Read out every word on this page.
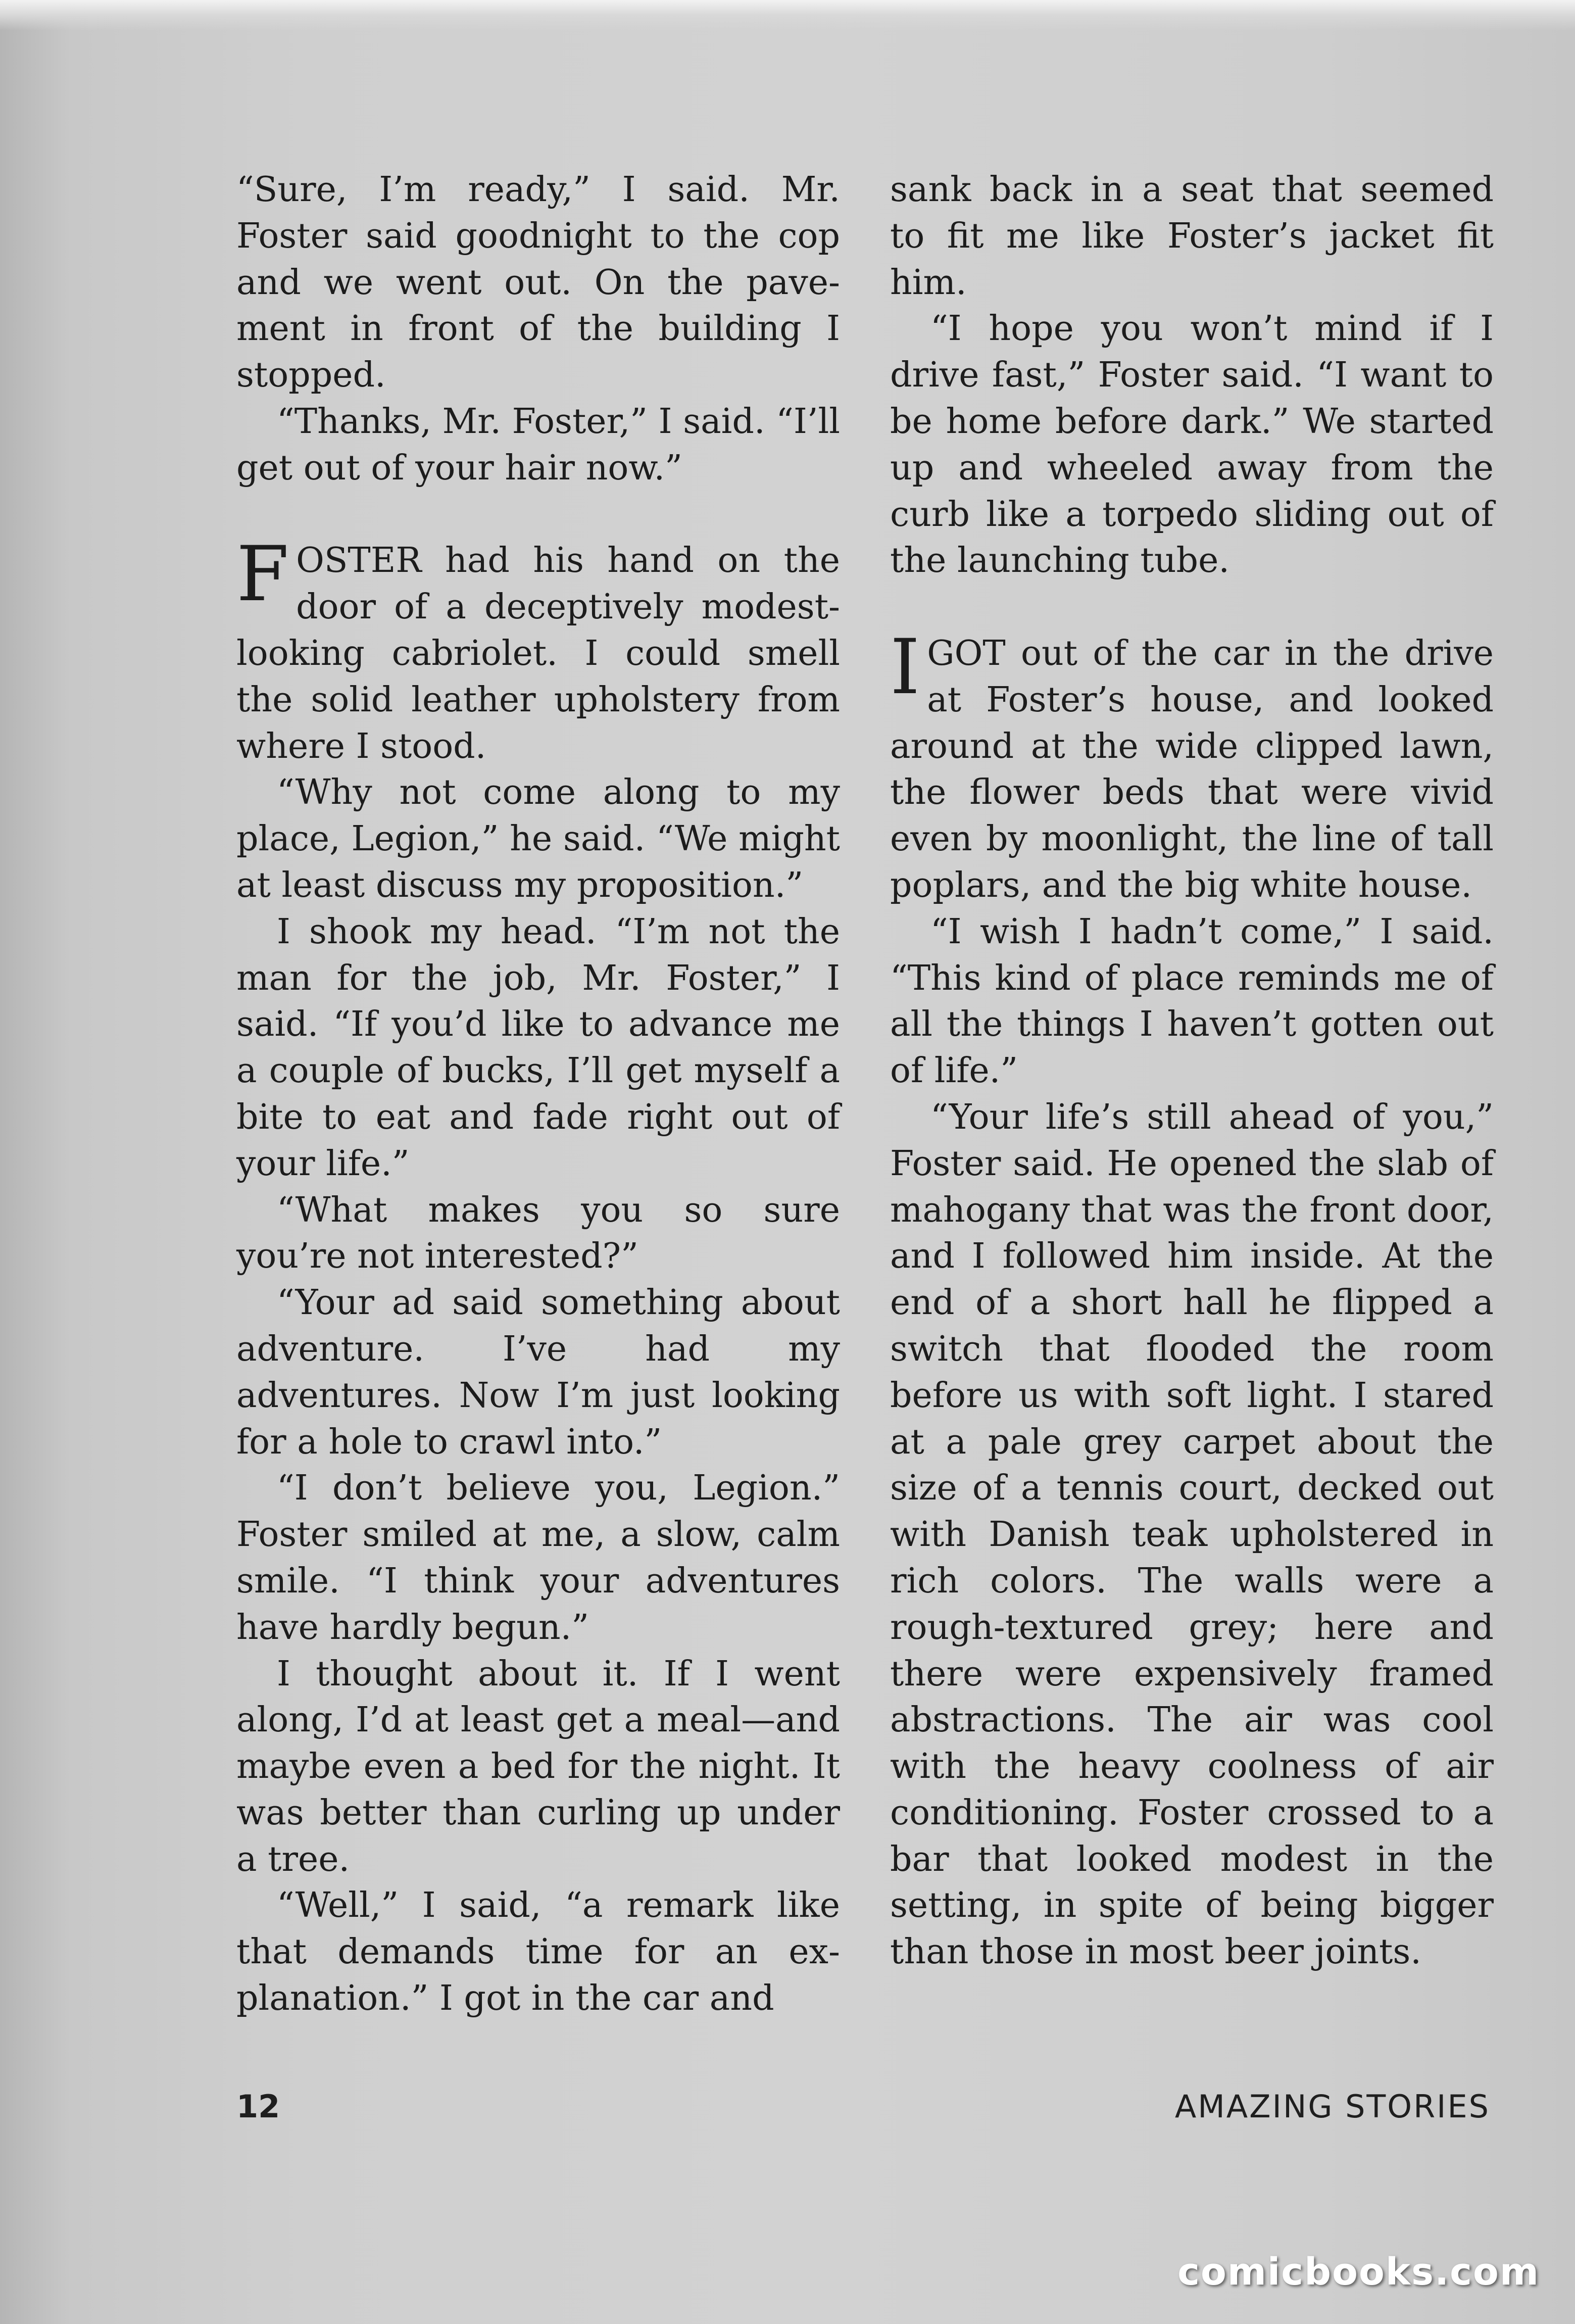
“Sure, I’m ready,” I said. Mr. Foster said goodnight to the cop and we went out. On the pavement in front of the building I stopped.

“Thanks, Mr. Foster,” I said. “I’ll get out of your hair now.”

FOSTER had his hand on the door of a deceptively modest-looking cabriolet. I could smell the solid leather upholstery from where I stood.

“Why not come along to my place, Legion,” he said. “We might at least discuss my proposition.”

I shook my head. “I’m not the man for the job, Mr. Foster,” I said. “If you’d like to advance me a couple of bucks, I’ll get myself a bite to eat and fade right out of your life.”

“What makes you so sure you’re not interested?”

“Your ad said something about adventure. I’ve had my adventures. Now I’m just looking for a hole to crawl into.”

“I don’t believe you, Legion.” Foster smiled at me, a slow, calm smile. “I think your adventures have hardly begun.”

I thought about it. If I went along, I’d at least get a meal—and maybe even a bed for the night. It was better than curling up under a tree.

“Well,” I said, “a remark like that demands time for an explanation.” I got in the car and

sank back in a seat that seemed to fit me like Foster’s jacket fit him.

“I hope you won’t mind if I drive fast,” Foster said. “I want to be home before dark.” We started up and wheeled away from the curb like a torpedo sliding out of the launching tube.

IGOT out of the car in the drive at Foster’s house, and looked around at the wide clipped lawn, the flower beds that were vivid even by moonlight, the line of tall poplars, and the big white house.

“I wish I hadn’t come,” I said. “This kind of place reminds me of all the things I haven’t gotten out of life.”

“Your life’s still ahead of you,” Foster said. He opened the slab of mahogany that was the front door, and I followed him inside. At the end of a short hall he flipped a switch that flooded the room before us with soft light. I stared at a pale grey carpet about the size of a tennis court, decked out with Danish teak upholstered in rich colors. The walls were a rough-textured grey; here and there were expensively framed abstractions. The air was cool with the heavy coolness of air conditioning. Foster crossed to a bar that looked modest in the setting, in spite of being bigger than those in most beer joints.

12	AMAZING STORIES
comicbooks.com
